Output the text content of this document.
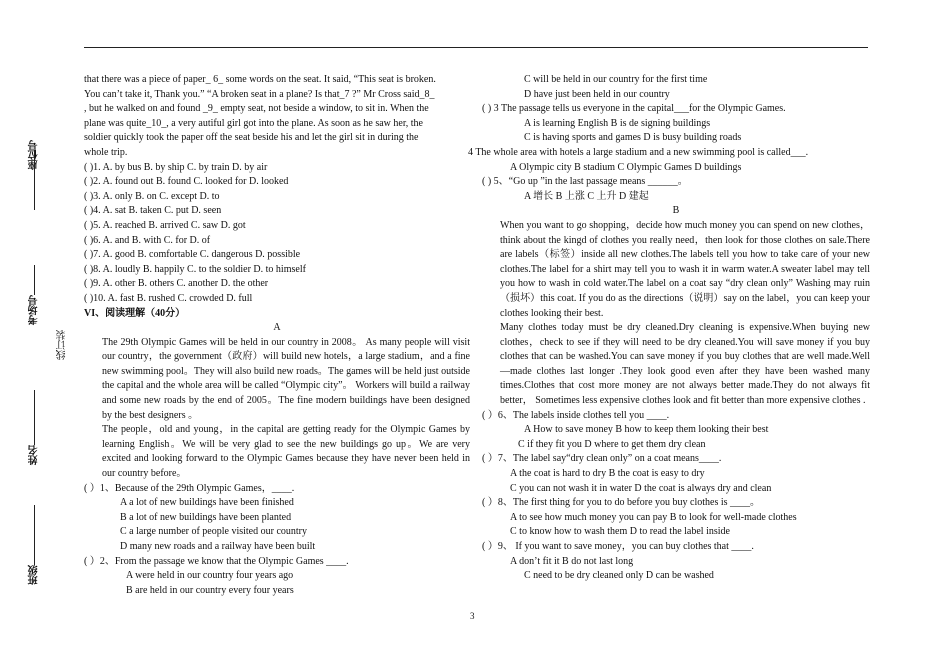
座位号
考场号
线订装
姓名
班级

that there was a piece of paper_ 6_ some words on the seat. It said, “This seat is broken.

You can’t take it, Thank you.” “A broken seat in a plane? Is that_7 ?” Mr Cross said_8_

, but he walked on and found _9_ empty seat, not beside a window, to sit in. When the

plane was quite_10_, a very autiful girl got into the plane. As soon as he saw her, the

soldier quickly took the paper off the seat beside his and let the girl sit in during the

whole trip.

( )1. A. by bus B. by ship C. by train D. by air

( )2. A. found out B. found C. looked for D. looked

( )3. A. only B. on C. except D. to

( )4. A. sat B. taken C. put D. seen

( )5. A. reached B. arrived C. saw D. got

( )6. A. and B. with C. for D. of

( )7. A. good B. comfortable C. dangerous D. possible

( )8. A. loudly B. happily C. to the soldier D. to himself

( )9. A. other B. others C. another D. the other

( )10. A. fast B. rushed C. crowded D. full

VI、阅读理解（40分）

A

The 29th Olympic Games will be held in our country in 2008。 As many people will visit our country，the government（政府）will build new hotels，a large stadium，and a fine new swimming pool。They will also build new roads。The games will be held just outside the capital and the whole area will be called “Olympic city”。 Workers will build a railway and some new roads by the end of 2005。The fine modern buildings have been designed by the best designers 。

The people，old and young，in the capital are getting ready for the Olympic Games by learning English。We will be very glad to see the new buildings go up。We are very excited and looking forward to the Olympic Games because they have never been held in our country before。

( ）1、Because of the 29th Olympic Games，____.

A a lot of new buildings have been finished

B a lot of new buildings have been planted

C a large number of people visited our country

D many new roads and a railway have been built

( ）2、From the passage we know that the Olympic Games ____.

A were held in our country four years ago

B are held in our country every four years

C will be held in our country for the first time

D have just been held in our country

( ) 3 The passage tells us everyone in the capital___for the Olympic Games.

A is learning English B is de signing buildings

C is having sports and games D is busy building roads

4 The whole area with hotels a large stadium and a new swimming pool is called___.

A Olympic city B stadium C Olympic Games D buildings

( ) 5、“Go up ”in the last passage means ______。

A 增长 B 上涨 C 上升 D 建起

B

When you want to go shopping，decide how much money you can spend on new clothes，think about the kingd of clothes you really need，then look for those clothes on sale.There are labels（标签）inside all new clothes.The labels tell you how to take care of your new clothes.The label for a shirt may tell you to wash it in warm water.A sweater label may tell you how to wash in cold water.The label on a coat say “dry clean only” Washing may ruin（损坏）this coat. If you do as the directions（说明）say on the label，you can keep your clothes looking their best.

Many clothes today must be dry cleaned.Dry cleaning is expensive.When buying new clothes，check to see if they will need to be dry cleaned.You will save money if you buy clothes that can be washed.You can save money if you buy clothes that are well made.Well—made clothes last longer .They look good even after they have been washed many times.Clothes that cost more money are not always better made.They do not always fit better， Sometimes less expensive clothes look and fit better than more expensive clothes .

( ）6、The labels inside clothes tell you ____.

A How to save money B how to keep them looking their best

C if they fit you D where to get them dry clean

( ）7、The label say“dry clean only” on a coat means____.

A the coat is hard to dry B the coat is easy to dry

C you can not wash it in water D the coat is always dry and clean

( ）8、The first thing for you to do before you buy clothes is ____。

A to see how much money you can pay B to look for well-made clothes

C to know how to wash them D to read the label inside

( ）9、 If you want to save money，you can buy clothes that ____.

A don’t fit it B do not last long

C need to be dry cleaned only D can be washed

3
